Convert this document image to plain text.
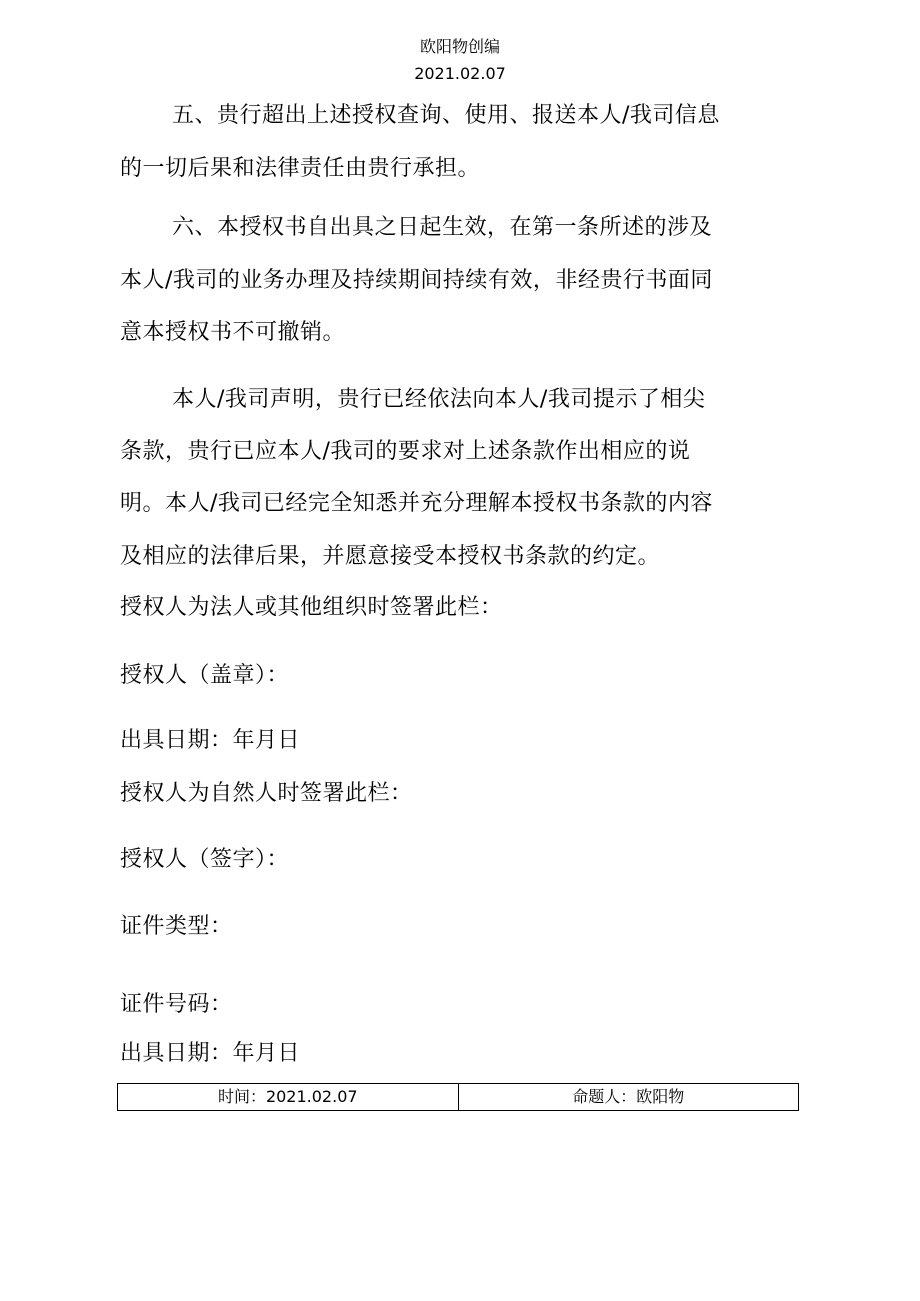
欧阳物创编
2021.02.07
五、贵行超出上述授权查询、使用、报送本人/我司信息
的一切后果和法律责任由贵行承担。
六、本授权书自出具之日起生效，在第一条所述的涉及
本人/我司的业务办理及持续期间持续有效，非经贵行书面同
意本授权书不可撤销。
本人/我司声明，贵行已经依法向本人/我司提示了相尖
条款，贵行已应本人/我司的要求对上述条款作出相应的说
明。本人/我司已经完全知悉并充分理解本授权书条款的内容
及相应的法律后果，并愿意接受本授权书条款的约定。
授权人为法人或其他组织时签署此栏：
授权人（盖章）：
出具日期：年月日
授权人为自然人时签署此栏：
授权人（签字）：
证件类型：
证件号码：
出具日期：年月日
时间：2021.02.07	命题人：欧阳物
